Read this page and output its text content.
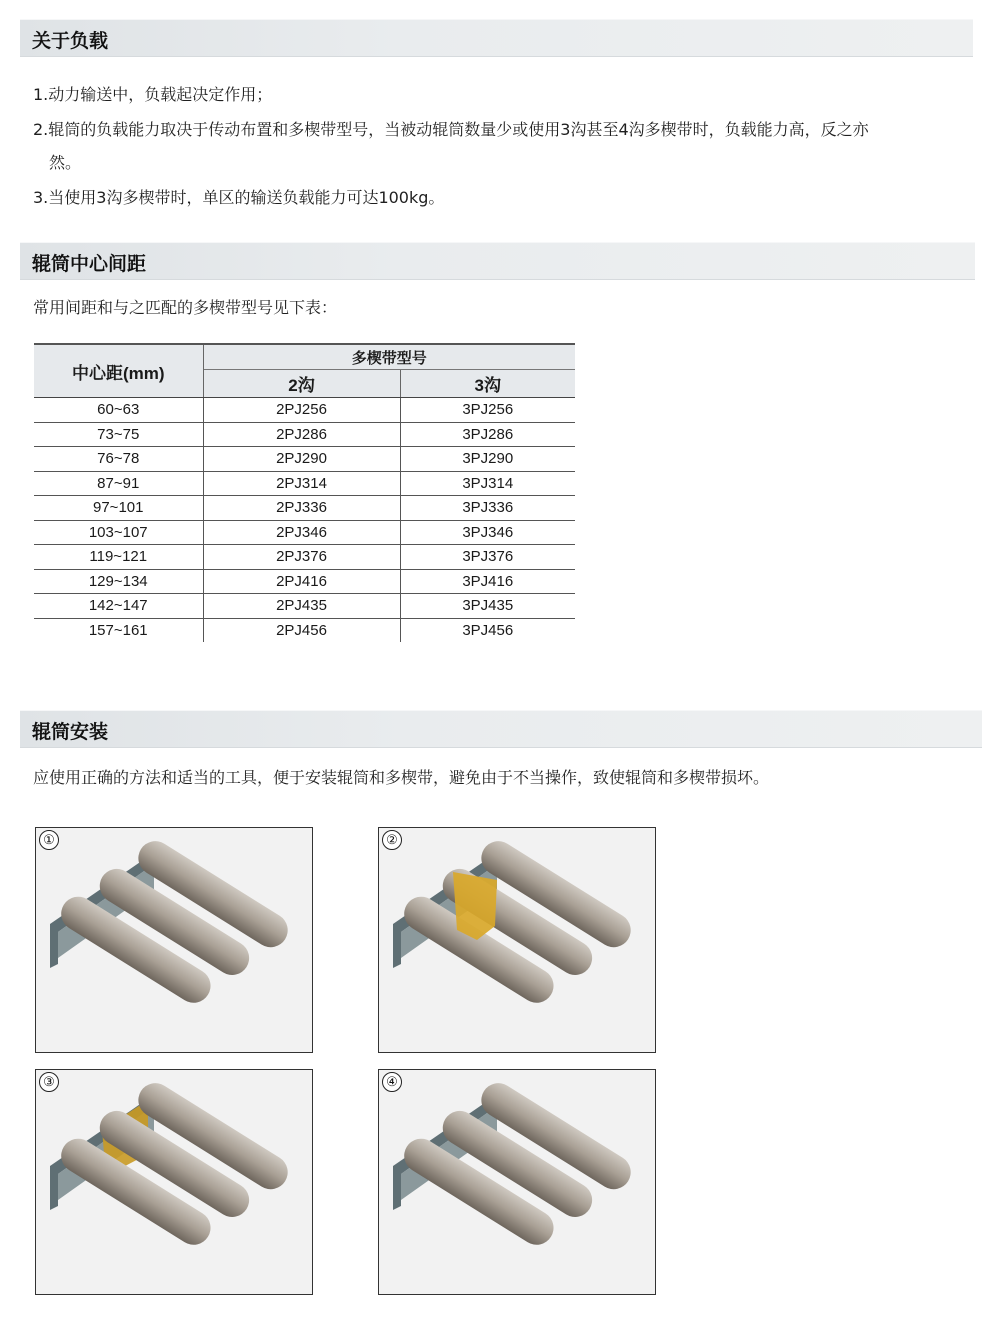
关于负载
1.动力输送中，负载起决定作用；
2.辊筒的负载能力取决于传动布置和多楔带型号，当被动辊筒数量少或使用3沟甚至4沟多楔带时，负载能力高，反之亦
然。
3.当使用3沟多楔带时，单区的输送负载能力可达100kg。
辊筒中心间距
常用间距和与之匹配的多楔带型号见下表：
中心距(mm)	多楔带型号	
	2沟	3沟
60~63	2PJ256	3PJ256
73~75	2PJ286	3PJ286
76~78	2PJ290	3PJ290
87~91	2PJ314	3PJ314
97~101	2PJ336	3PJ336
103~107	2PJ346	3PJ346
119~121	2PJ376	3PJ376
129~134	2PJ416	3PJ416
142~147	2PJ435	3PJ435
157~161	2PJ456	3PJ456
辊筒安装
应使用正确的方法和适当的工具，便于安装辊筒和多楔带，避免由于不当操作，致使辊筒和多楔带损坏。
①	②
③	④
